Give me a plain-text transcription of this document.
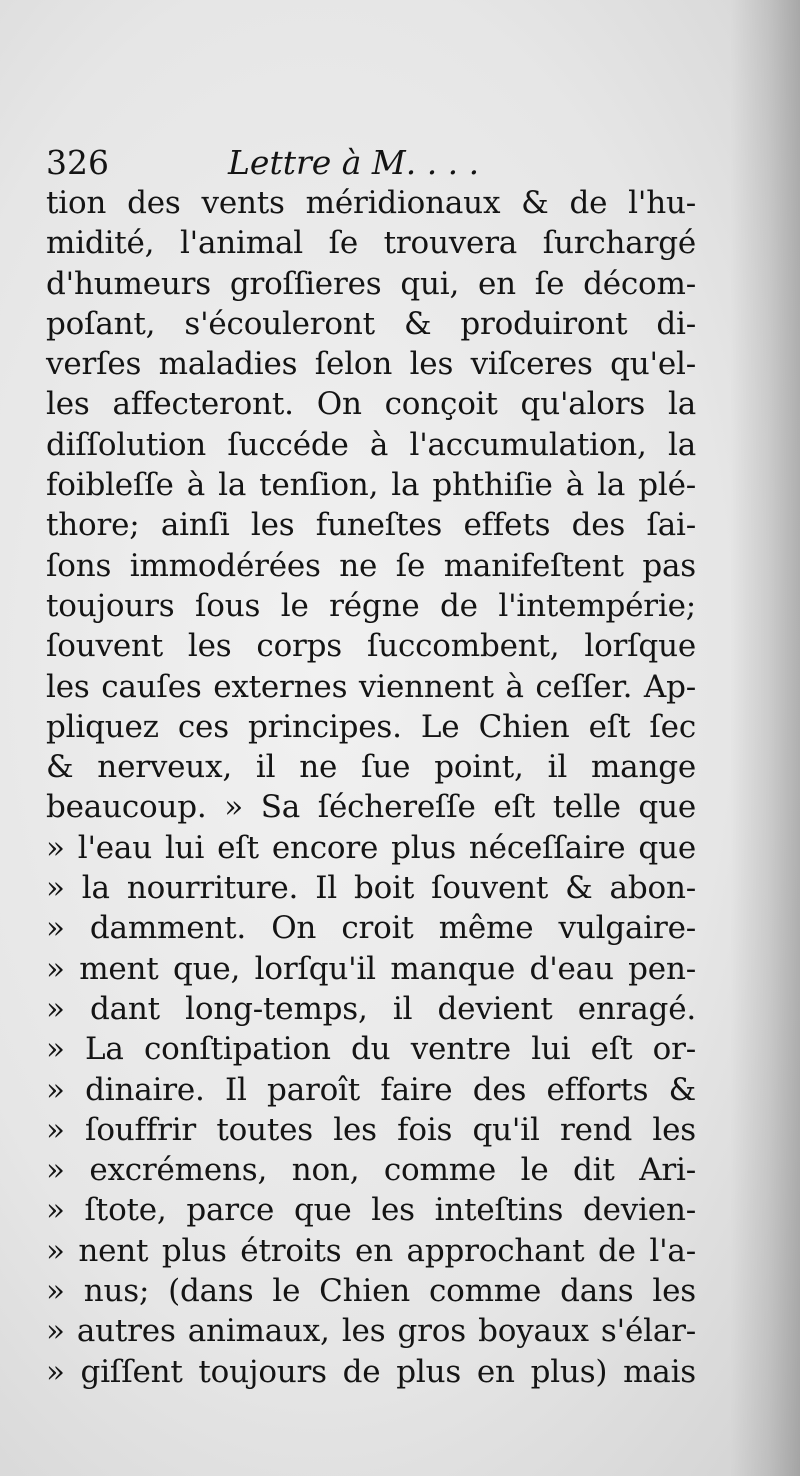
326	Lettre à M. . . .
tion des vents méridionaux & de l'hu-
midité, l'animal ſe trouvera ſurchargé
d'humeurs groſſieres qui, en ſe décom-
poſant, s'écouleront & produiront di-
verſes maladies ſelon les viſceres qu'el-
les affecteront. On conçoit qu'alors la
diſſolution ſuccéde à l'accumulation, la
foibleſſe à la tenſion, la phthiſie à la plé-
thore; ainſi les funeſtes effets des ſai-
ſons immodérées ne ſe manifeſtent pas
toujours ſous le régne de l'intempérie;
ſouvent les corps ſuccombent, lorſque
les cauſes externes viennent à ceſſer. Ap-
pliquez ces principes. Le Chien eſt ſec
& nerveux, il ne ſue point, il mange
beaucoup. » Sa ſéchereſſe eſt telle que
» l'eau lui eſt encore plus néceſſaire que
» la nourriture. Il boit ſouvent & abon-
» damment. On croit même vulgaire-
» ment que, lorſqu'il manque d'eau pen-
» dant long-temps, il devient enragé.
» La conſtipation du ventre lui eſt or-
» dinaire. Il paroît faire des efforts &
» ſouffrir toutes les fois qu'il rend les
» excrémens, non, comme le dit Ari-
» ſtote, parce que les inteſtins devien-
» nent plus étroits en approchant de l'a-
» nus; (dans le Chien comme dans les
» autres animaux, les gros boyaux s'élar-
» giſſent toujours de plus en plus) mais
